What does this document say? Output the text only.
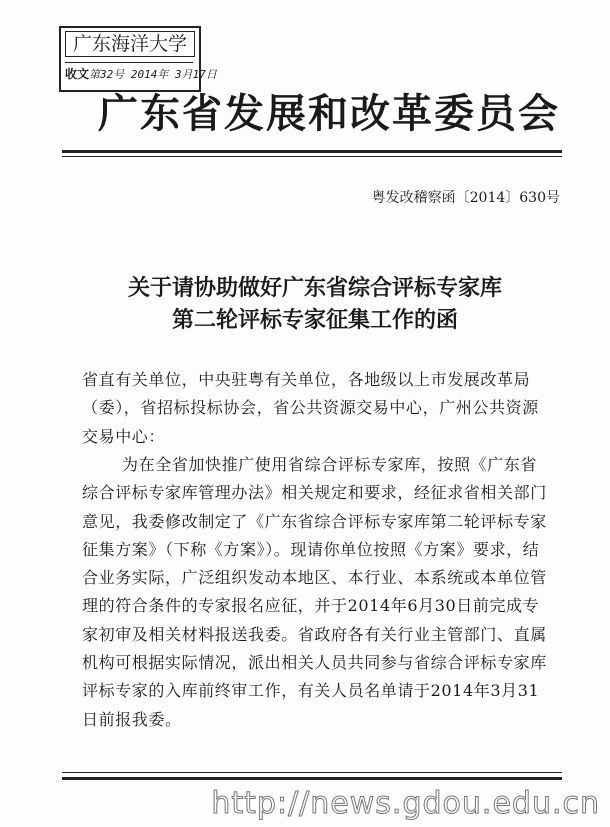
广东海洋大学
收文第32号 2014年 3月17日
广东省发展和改革委员会
粤发改稽察函〔2014〕630号
关于请协助做好广东省综合评标专家库
第二轮评标专家征集工作的函

省直有关单位，中央驻粤有关单位，各地级以上市发展改革局（委），省招标投标协会，省公共资源交易中心，广州公共资源交易中心：

为在全省加快推广使用省综合评标专家库，按照《广东省综合评标专家库管理办法》相关规定和要求，经征求省相关部门意见，我委修改制定了《广东省综合评标专家库第二轮评标专家征集方案》（下称《方案》）。现请你单位按照《方案》要求，结合业务实际，广泛组织发动本地区、本行业、本系统或本单位管理的符合条件的专家报名应征，并于2014年6月30日前完成专家初审及相关材料报送我委。省政府各有关行业主管部门、直属机构可根据实际情况，派出相关人员共同参与省综合评标专家库评标专家的入库前终审工作，有关人员名单请于2014年3月31日前报我委。

http://news.gdou.edu.cn
